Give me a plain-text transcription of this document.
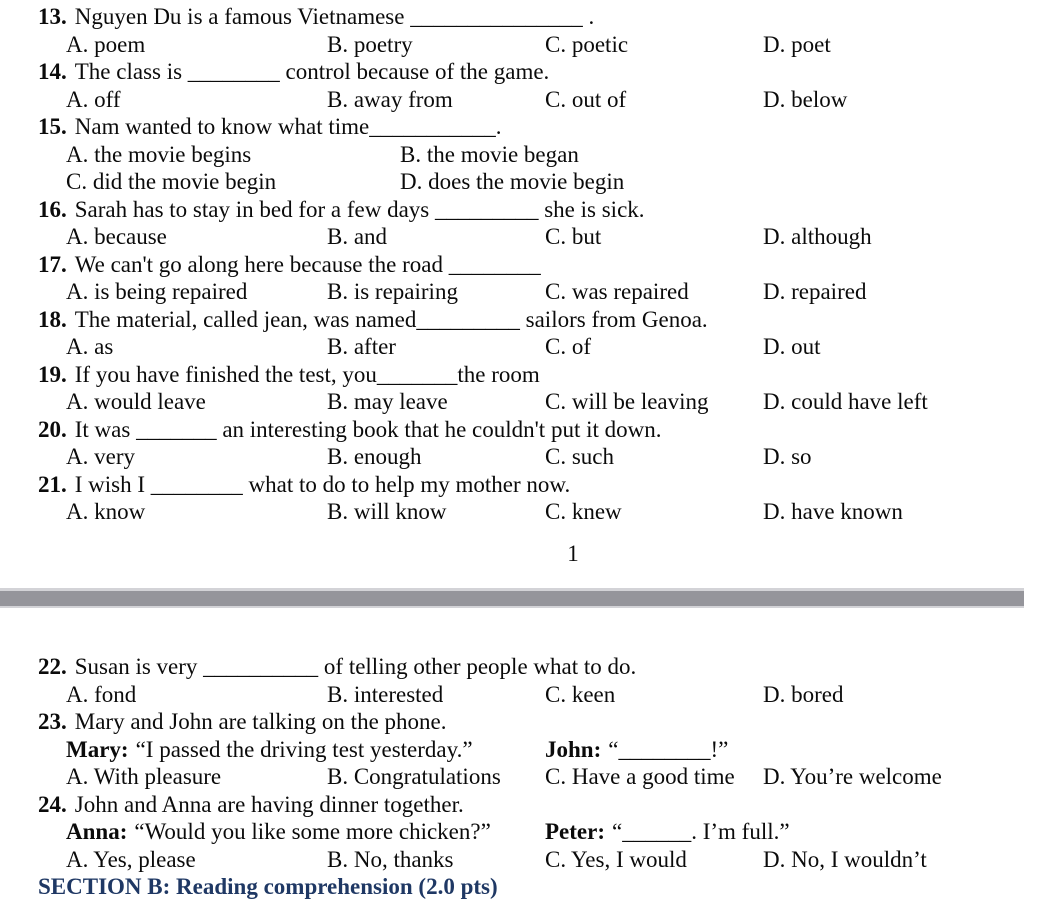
13. Nguyen Du is a famous Vietnamese _______________ .
A. poem	B. poetry	C. poetic	D. poet
14. The class is ________ control because of the game.
A. off	B. away from	C. out of	D. below
15. Nam wanted to know what time___________.
A. the movie begins	B. the movie began
C. did the movie begin	D. does the movie begin
16. Sarah has to stay in bed for a few days _________ she is sick.
A. because	B. and	C. but	D. although
17. We can't go along here because the road ________
A. is being repaired	B. is repairing	C. was repaired	D. repaired
18. The material, called jean, was named_________ sailors from Genoa.
A. as	B. after	C. of	D. out
19. If you have finished the test, you_______the room
A. would leave	B. may leave	C. will be leaving	D. could have left
20. It was _______ an interesting book that he couldn't put it down.
A. very	B. enough	C. such	D. so
21. I wish I ________ what to do to help my mother now.
A. know	B. will know	C. knew	D. have known
1
22. Susan is very __________ of telling other people what to do.
A. fond	B. interested	C. keen	D. bored
23. Mary and John are talking on the phone.
Mary: “I passed the driving test yesterday.”	John: “________!”
A. With pleasure	B. Congratulations	C. Have a good time	D. You’re welcome
24. John and Anna are having dinner together.
Anna: “Would you like some more chicken?”	Peter: “______. I’m full.”
A. Yes, please	B. No, thanks	C. Yes, I would	D. No, I wouldn’t
SECTION B: Reading comprehension (2.0 pts)
